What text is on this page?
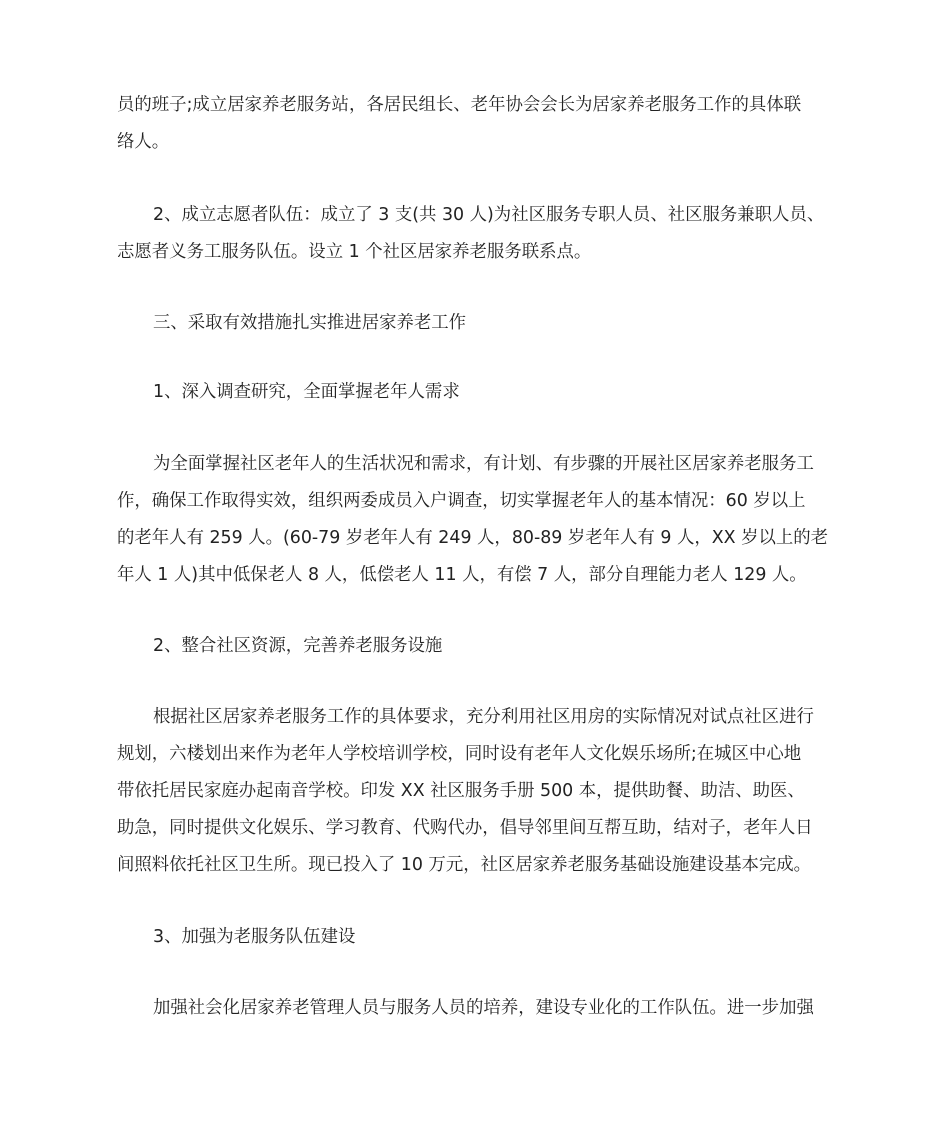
员的班子;成立居家养老服务站，各居民组长、老年协会会长为居家养老服务工作的具体联
络人。
2、成立志愿者队伍：成立了 3 支(共 30 人)为社区服务专职人员、社区服务兼职人员、
志愿者义务工服务队伍。设立 1 个社区居家养老服务联系点。
三、采取有效措施扎实推进居家养老工作
1、深入调查研究，全面掌握老年人需求
为全面掌握社区老年人的生活状况和需求，有计划、有步骤的开展社区居家养老服务工
作，确保工作取得实效，组织两委成员入户调查，切实掌握老年人的基本情况：60 岁以上
的老年人有 259 人。(60-79 岁老年人有 249 人，80-89 岁老年人有 9 人，XX 岁以上的老
年人 1 人)其中低保老人 8 人，低偿老人 11 人，有偿 7 人，部分自理能力老人 129 人。
2、整合社区资源，完善养老服务设施
根据社区居家养老服务工作的具体要求，充分利用社区用房的实际情况对试点社区进行
规划，六楼划出来作为老年人学校培训学校，同时设有老年人文化娱乐场所;在城区中心地
带依托居民家庭办起南音学校。印发 XX 社区服务手册 500 本，提供助餐、助洁、助医、
助急，同时提供文化娱乐、学习教育、代购代办，倡导邻里间互帮互助，结对子，老年人日
间照料依托社区卫生所。现已投入了 10 万元，社区居家养老服务基础设施建设基本完成。
3、加强为老服务队伍建设
加强社会化居家养老管理人员与服务人员的培养，建设专业化的工作队伍。进一步加强
